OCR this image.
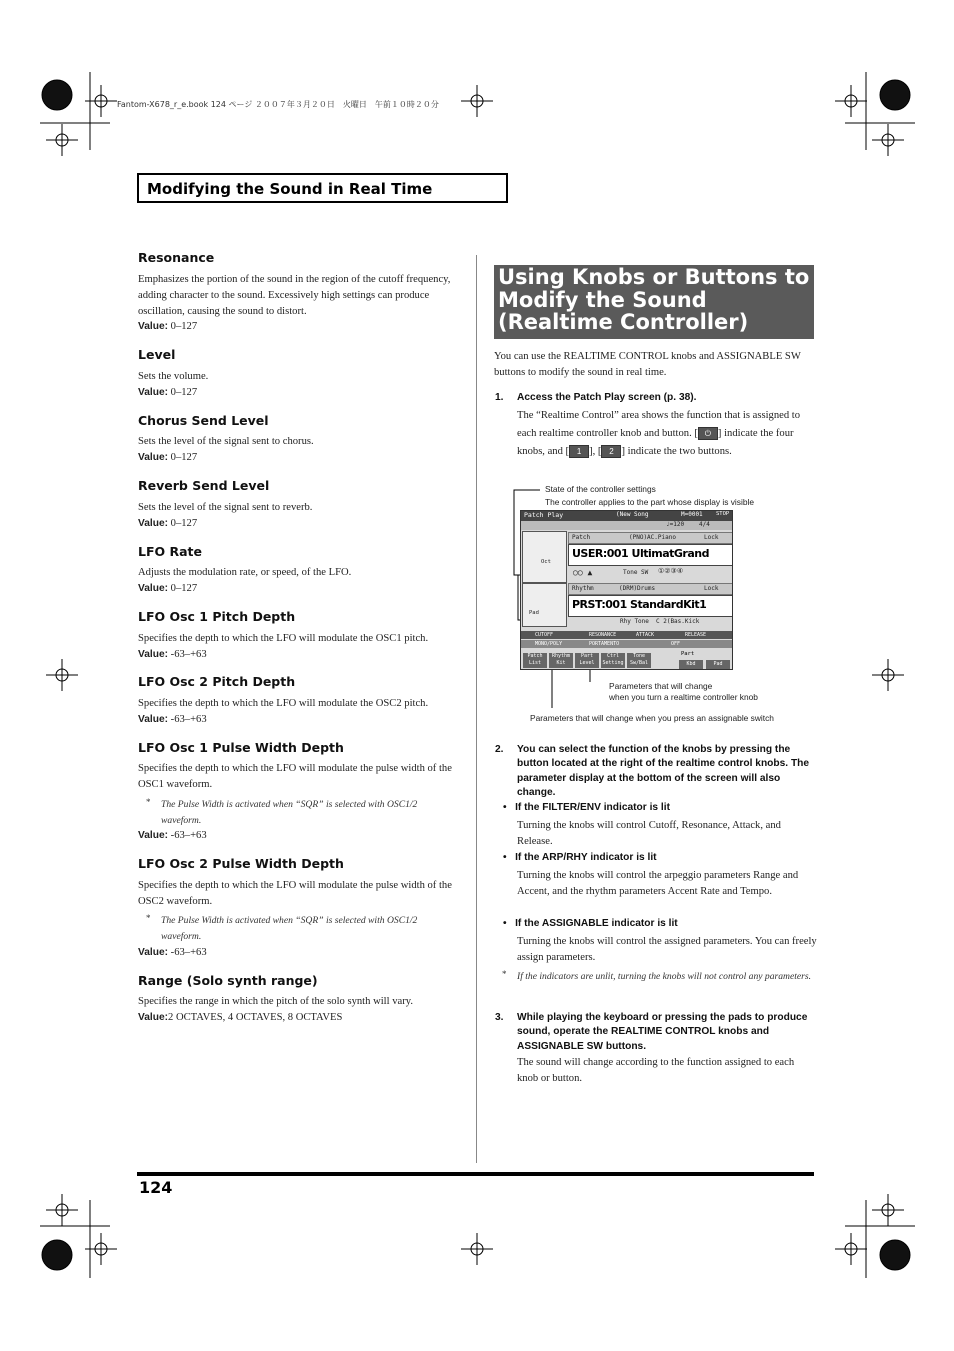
Fantom-X678_r_e.book 124 ページ ２００７年３月２０日　火曜日　午前１０時２０分
Modifying the Sound in Real Time
Resonance
Emphasizes the portion of the sound in the region of the cutoff frequency, adding character to the sound. Excessively high settings can produce oscillation, causing the sound to distort.
Value: 0–127
Level
Sets the volume.
Value: 0–127
Chorus Send Level
Sets the level of the signal sent to chorus.
Value: 0–127
Reverb Send Level
Sets the level of the signal sent to reverb.
Value: 0–127
LFO Rate
Adjusts the modulation rate, or speed, of the LFO.
Value: 0–127
LFO Osc 1 Pitch Depth
Specifies the depth to which the LFO will modulate the OSC1 pitch.
Value: -63–+63
LFO Osc 2 Pitch Depth
Specifies the depth to which the LFO will modulate the OSC2 pitch.
Value: -63–+63
LFO Osc 1 Pulse Width Depth
Specifies the depth to which the LFO will modulate the pulse width of the OSC1 waveform.
* The Pulse Width is activated when “SQR” is selected with OSC1/2 waveform.
Value: -63–+63
LFO Osc 2 Pulse Width Depth
Specifies the depth to which the LFO will modulate the pulse width of the OSC2 waveform.
* The Pulse Width is activated when “SQR” is selected with OSC1/2 waveform.
Value: -63–+63
Range (Solo synth range)
Specifies the range in which the pitch of the solo synth will vary.
Value:2 OCTAVES, 4 OCTAVES, 8 OCTAVES
Using Knobs or Buttons to Modify the Sound (Realtime Controller)
You can use the REALTIME CONTROL knobs and ASSIGNABLE SW buttons to modify the sound in real time.
1. Access the Patch Play screen (p. 38).
The “Realtime Control” area shows the function that is assigned to each realtime controller knob and button. [ ⏻ ] indicate the four knobs, and [ 1 ], [ 2 ] indicate the two buttons.
State of the controller settings
The controller applies to the part whose display is visible
Patch Play	(New Song	M=0001 STOP
♩=120 4/4
Patch	(PNO)AC.Piano	Lock
USER:001 UltimatGrand
◯◯ ▲	Tone SW ①②③④
Oct
Rhythm	(DRM)Drums	Lock
PRST:001 StandardKit1
Rhy Tone C 2(Bas.Kick
Pad
CUTOFF	RESONANCE	ATTACK	RELEASE
MONO/POLY	PORTAMENTO	OFF
Patch List
Rhythm Kit
Part Level
Ctrl Setting
Tone Sw/Bal
Part
Kbd	Pad
Parameters that will change
when you turn a realtime controller knob
Parameters that will change when you press an assignable switch
2. You can select the function of the knobs by pressing the button located at the right of the realtime control knobs. The parameter display at the bottom of the screen will also change.
•   If the FILTER/ENV indicator is lit
Turning the knobs will control Cutoff, Resonance, Attack, and Release.
•   If the ARP/RHY indicator is lit
Turning the knobs will control the arpeggio parameters Range and Accent, and the rhythm parameters Accent Rate and Tempo.
•   If the ASSIGNABLE indicator is lit
Turning the knobs will control the assigned parameters. You can freely assign parameters.
* If the indicators are unlit, turning the knobs will not control any parameters.
3. While playing the keyboard or pressing the pads to produce sound, operate the REALTIME CONTROL knobs and ASSIGNABLE SW buttons.
The sound will change according to the function assigned to each knob or button.
124
